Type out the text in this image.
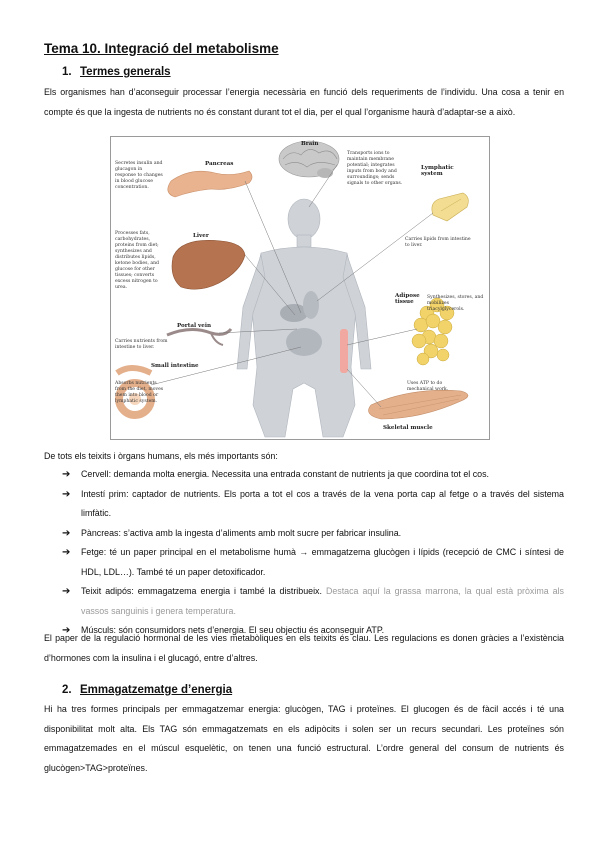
Tema 10. Integració del metabolisme
1. Termes generals
Els organismes han d’aconseguir processar l’energia necessària en funció dels requeriments de l’individu. Una cosa a tenir en compte és que la ingesta de nutrients no és constant durant tot el dia, per el qual l’organisme haurà d’adaptar-se a això.
Pancreas
Brain
Lymphatic system
Liver
Adipose tissue
Portal vein
Small intestine
Skeletal muscle
Secretes insulin and glucagon in response to changes in blood glucose concentration.
Transports ions to maintain membrane potential; integrates inputs from body and surroundings; sends signals to other organs.
Carries lipids from intestine to liver.
Processes fats, carbohydrates, proteins from diet; synthesizes and distributes lipids, ketone bodies, and glucose for other tissues; converts excess nitrogen to urea.
Synthesizes, stores, and mobilizes triacylglycerols.
Carries nutrients from intestine to liver.
Absorbs nutrients from the diet, moves them into blood or lymphatic system.
Uses ATP to do mechanical work.
De tots els teixits i òrgans humans, els més importants són:
➔ Cervell: demanda molta energia. Necessita una entrada constant de nutrients ja que coordina tot el cos.
➔ Intestí prim: captador de nutrients. Els porta a tot el cos a través de la vena porta cap al fetge o a través del sistema limfàtic.
➔ Pàncreas: s’activa amb la ingesta d’aliments amb molt sucre per fabricar insulina.
➔ Fetge: té un paper principal en el metabolisme humà → emmagatzema glucògen i lípids (recepció de CMC i síntesi de HDL, LDL…). També té un paper detoxificador.
➔ Teixit adipós: emmagatzema energia i també la distribueix. Destaca aquí la grassa marrona, la qual està pròxima als vassos sanguinis i genera temperatura.
➔ Músculs: són consumidors nets d’energia. El seu objectiu és aconseguir ATP.
El paper de la regulació hormonal de les vies metabòliques en els teixits és clau. Les regulacions es donen gràcies a l’existència d’hormones com la insulina i el glucagó, entre d’altres.
2. Emmagatzematge d’energia
Hi ha tres formes principals per emmagatzemar energia: glucògen, TAG i proteïnes. El glucogen és de fàcil accés i té una disponibilitat molt alta. Els TAG són emmagatzemats en els adipòcits i solen ser un recurs secundari. Les proteïnes són emmagatzemades en el múscul esquelètic, on tenen una funció estructural. L’ordre general del consum de nutrients és glucògen>TAG>proteïnes.
